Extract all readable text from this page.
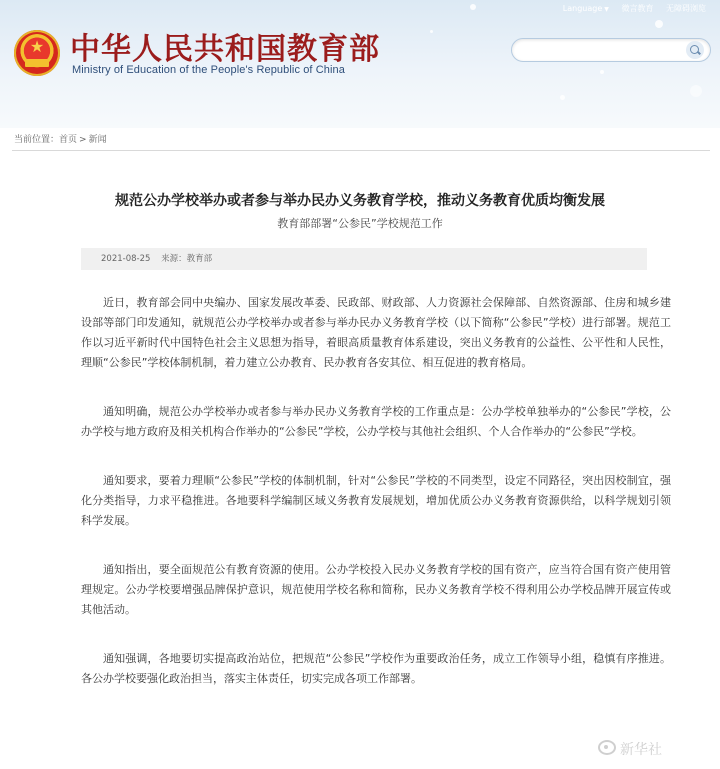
★ 中华人民共和国教育部
Ministry of Education of the People's Republic of China
Language ▼ 微言教育 无障碍浏览
当前位置：首页 > 新闻
规范公办学校举办或者参与举办民办义务教育学校，推动义务教育优质均衡发展
教育部部署“公参民”学校规范工作
2021-08-25 来源：教育部

近日，教育部会同中央编办、国家发展改革委、民政部、财政部、人力资源社会保障部、自然资源部、住房和城乡建设部等部门印发通知，就规范公办学校举办或者参与举办民办义务教育学校（以下简称“公参民”学校）进行部署。规范工作以习近平新时代中国特色社会主义思想为指导，着眼高质量教育体系建设，突出义务教育的公益性、公平性和人民性，理顺“公参民”学校体制机制，着力建立公办教育、民办教育各安其位、相互促进的教育格局。

通知明确，规范公办学校举办或者参与举办民办义务教育学校的工作重点是：公办学校单独举办的“公参民”学校，公办学校与地方政府及相关机构合作举办的“公参民”学校，公办学校与其他社会组织、个人合作举办的“公参民”学校。

通知要求，要着力理顺“公参民”学校的体制机制，针对“公参民”学校的不同类型，设定不同路径，突出因校制宜，强化分类指导，力求平稳推进。各地要科学编制区域义务教育发展规划，增加优质公办义务教育资源供给，以科学规划引领科学发展。

通知指出，要全面规范公有教育资源的使用。公办学校投入民办义务教育学校的国有资产，应当符合国有资产使用管理规定。公办学校要增强品牌保护意识，规范使用学校名称和简称，民办义务教育学校不得利用公办学校品牌开展宣传或其他活动。

通知强调，各地要切实提高政治站位，把规范“公参民”学校作为重要政治任务，成立工作领导小组，稳慎有序推进。各公办学校要强化政治担当，落实主体责任，切实完成各项工作部署。

新华社
